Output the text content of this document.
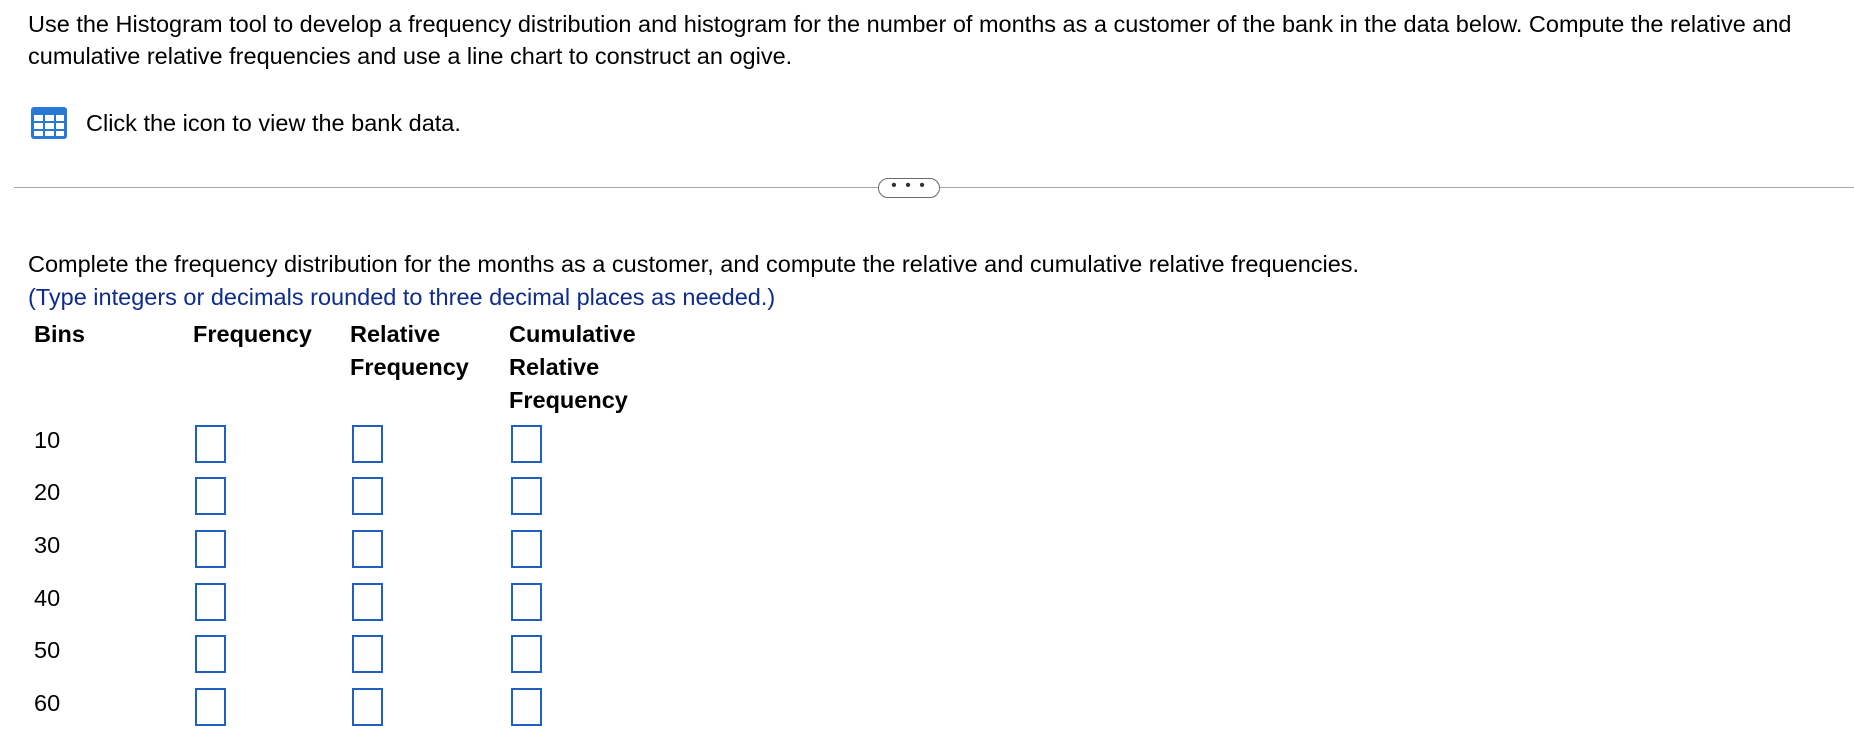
Use the Histogram tool to develop a frequency distribution and histogram for the number of months as a customer of the bank in the data below. Compute the relative and cumulative relative frequencies and use a line chart to construct an ogive.
Click the icon to view the bank data.
• • •
Complete the frequency distribution for the months as a customer, and compute the relative and cumulative relative frequencies.
(Type integers or decimals rounded to three decimal places as needed.)
Bins	Frequency Relative
Frequency
Cumulative
Relative
Frequency
10
20
30
40
50
60
